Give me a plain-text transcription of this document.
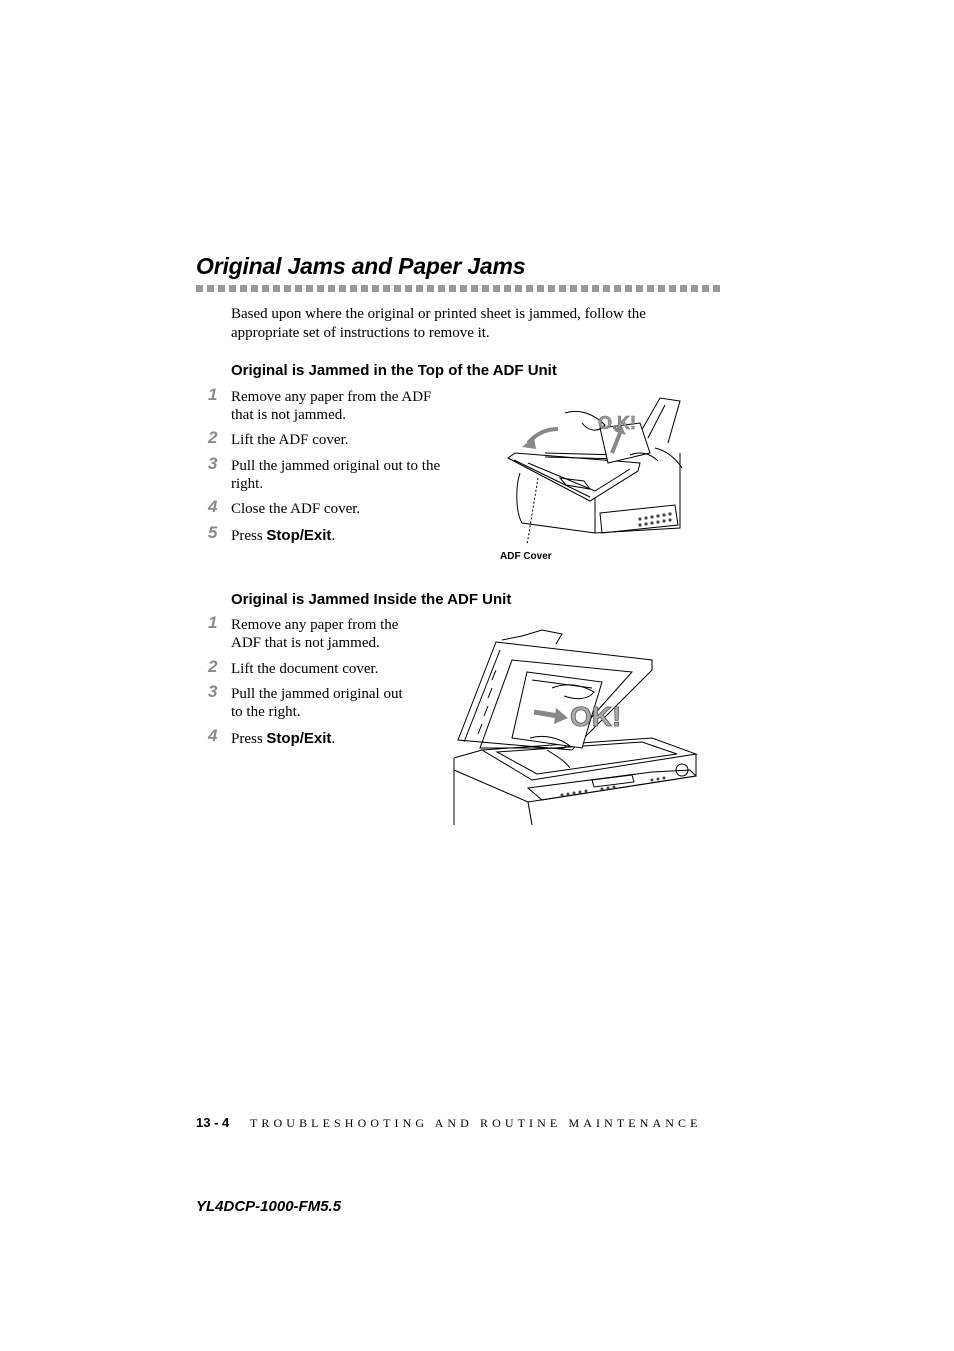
Original Jams and Paper Jams

Based upon where the original or printed sheet is jammed, follow the appropriate set of instructions to remove it.

Original is Jammed in the Top of the ADF Unit
1 Remove any paper from the ADF that is not jammed.
2 Lift the ADF cover.
3 Pull the jammed original out to the right.
4 Close the ADF cover.
5 Press Stop/Exit.
O.K!
ADF Cover
Original is Jammed Inside the ADF Unit
1 Remove any paper from the ADF that is not jammed.
2 Lift the document cover.
3 Pull the jammed original out to the right.
4 Press Stop/Exit.
OK!
13 - 4 TROUBLESHOOTING AND ROUTINE MAINTENANCE
YL4DCP-1000-FM5.5
